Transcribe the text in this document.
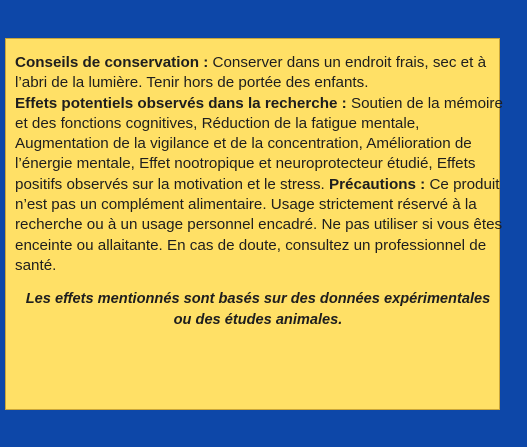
Conseils de conservation : Conserver dans un endroit frais, sec et à l’abri de la lumière. Tenir hors de portée des enfants.
Effets potentiels observés dans la recherche : Soutien de la mémoire et des fonctions cognitives, Réduction de la fatigue mentale, Augmentation de la vigilance et de la concentration, Amélioration de l’énergie mentale, Effet nootropique et neuroprotecteur étudié, Effets positifs observés sur la motivation et le stress. Précautions : Ce produit n’est pas un complément alimentaire. Usage strictement réservé à la recherche ou à un usage personnel encadré. Ne pas utiliser si vous êtes enceinte ou allaitante. En cas de doute, consultez un professionnel de santé.

Les effets mentionnés sont basés sur des données expérimentales ou des études animales.
